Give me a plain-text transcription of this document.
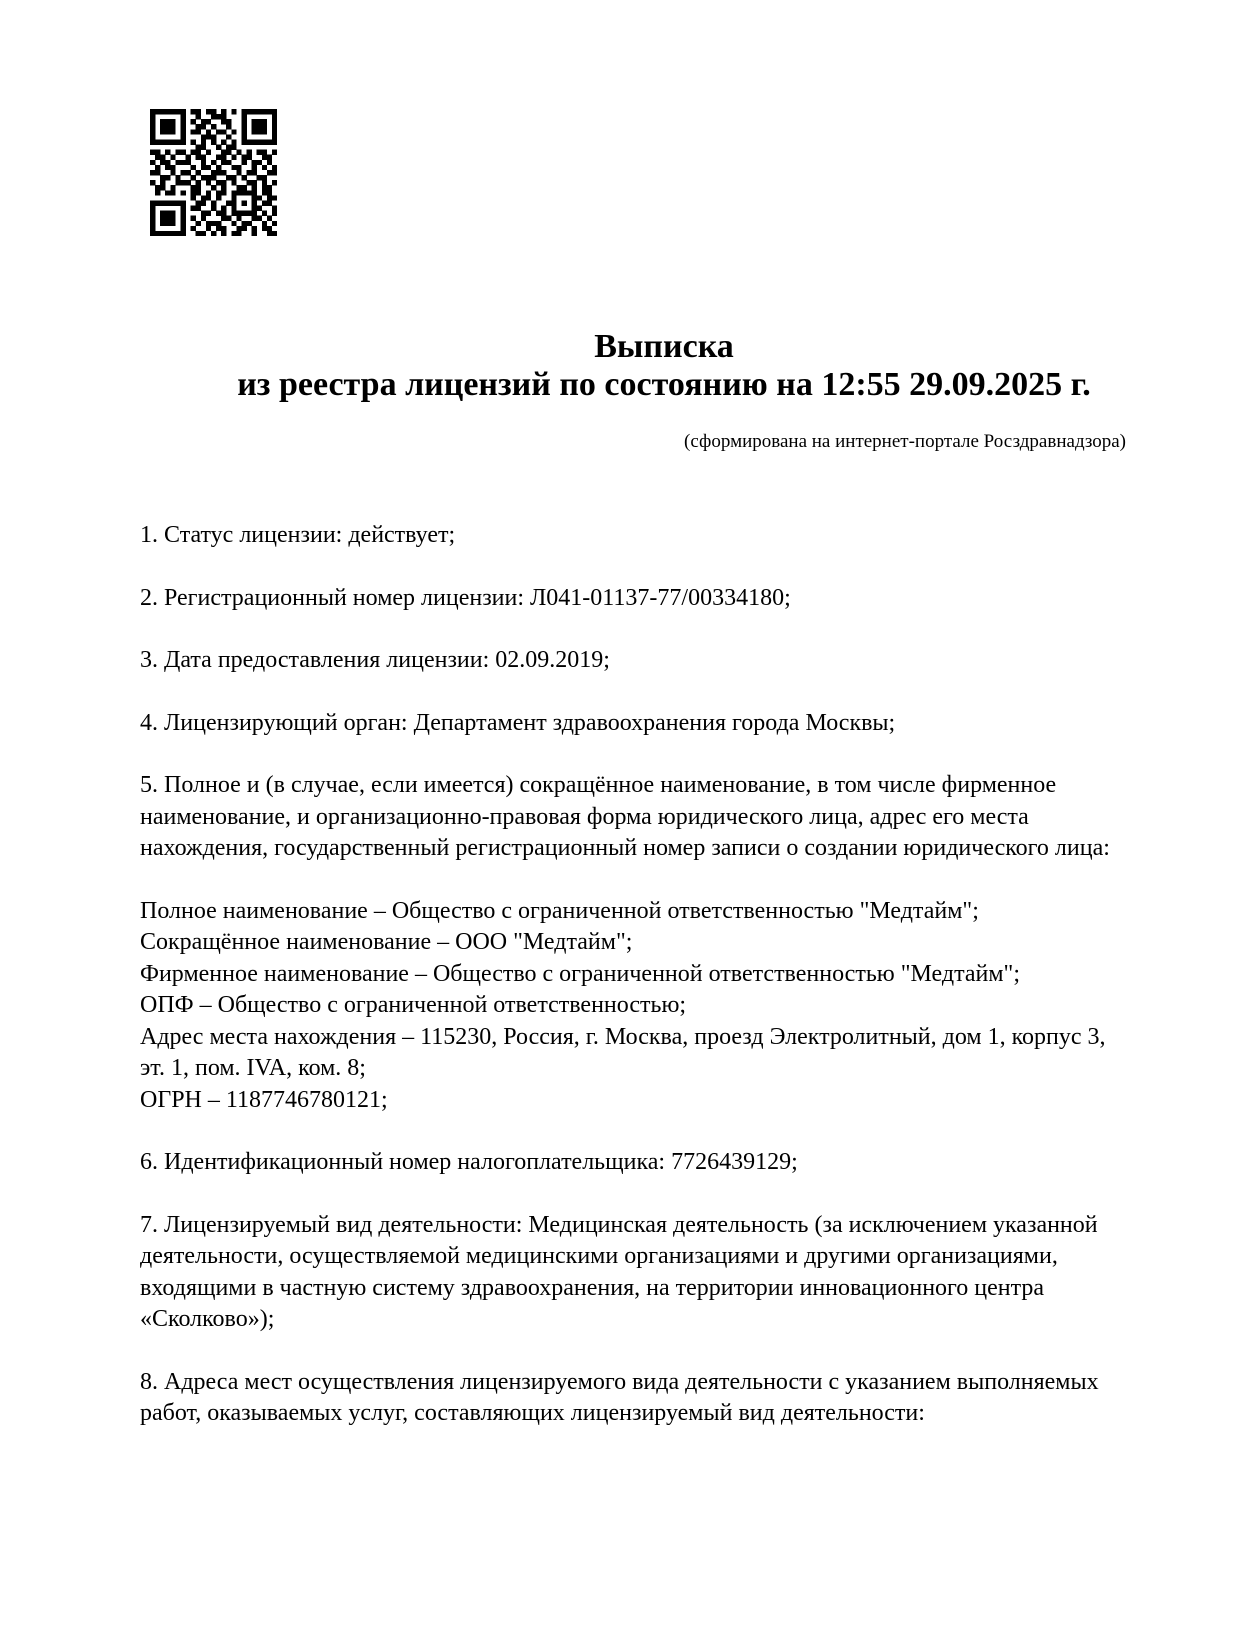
Выписка
из реестра лицензий по состоянию на 12:55 29.09.2025 г.
(сформирована на интернет-портале Росздравнадзора)
1. Статус лицензии: действует;
2. Регистрационный номер лицензии: Л041-01137-77/00334180;
3. Дата предоставления лицензии: 02.09.2019;
4. Лицензирующий орган: Департамент здравоохранения города Москвы;
5. Полное и (в случае, если имеется) сокращённое наименование, в том числе фирменное
наименование, и организационно-правовая форма юридического лица, адрес его места
нахождения, государственный регистрационный номер записи о создании юридического лица:
Полное наименование – Общество с ограниченной ответственностью "Медтайм";
Сокращённое наименование – ООО "Медтайм";
Фирменное наименование – Общество с ограниченной ответственностью "Медтайм";
ОПФ – Общество с ограниченной ответственностью;
Адрес места нахождения – 115230, Россия, г. Москва, проезд Электролитный, дом 1, корпус 3,
эт. 1, пом. IVA, ком. 8;
ОГРН – 1187746780121;
6. Идентификационный номер налогоплательщика: 7726439129;
7. Лицензируемый вид деятельности: Медицинская деятельность (за исключением указанной
деятельности, осуществляемой медицинскими организациями и другими организациями,
входящими в частную систему здравоохранения, на территории инновационного центра
«Сколково»);
8. Адреса мест осуществления лицензируемого вида деятельности с указанием выполняемых
работ, оказываемых услуг, составляющих лицензируемый вид деятельности:
